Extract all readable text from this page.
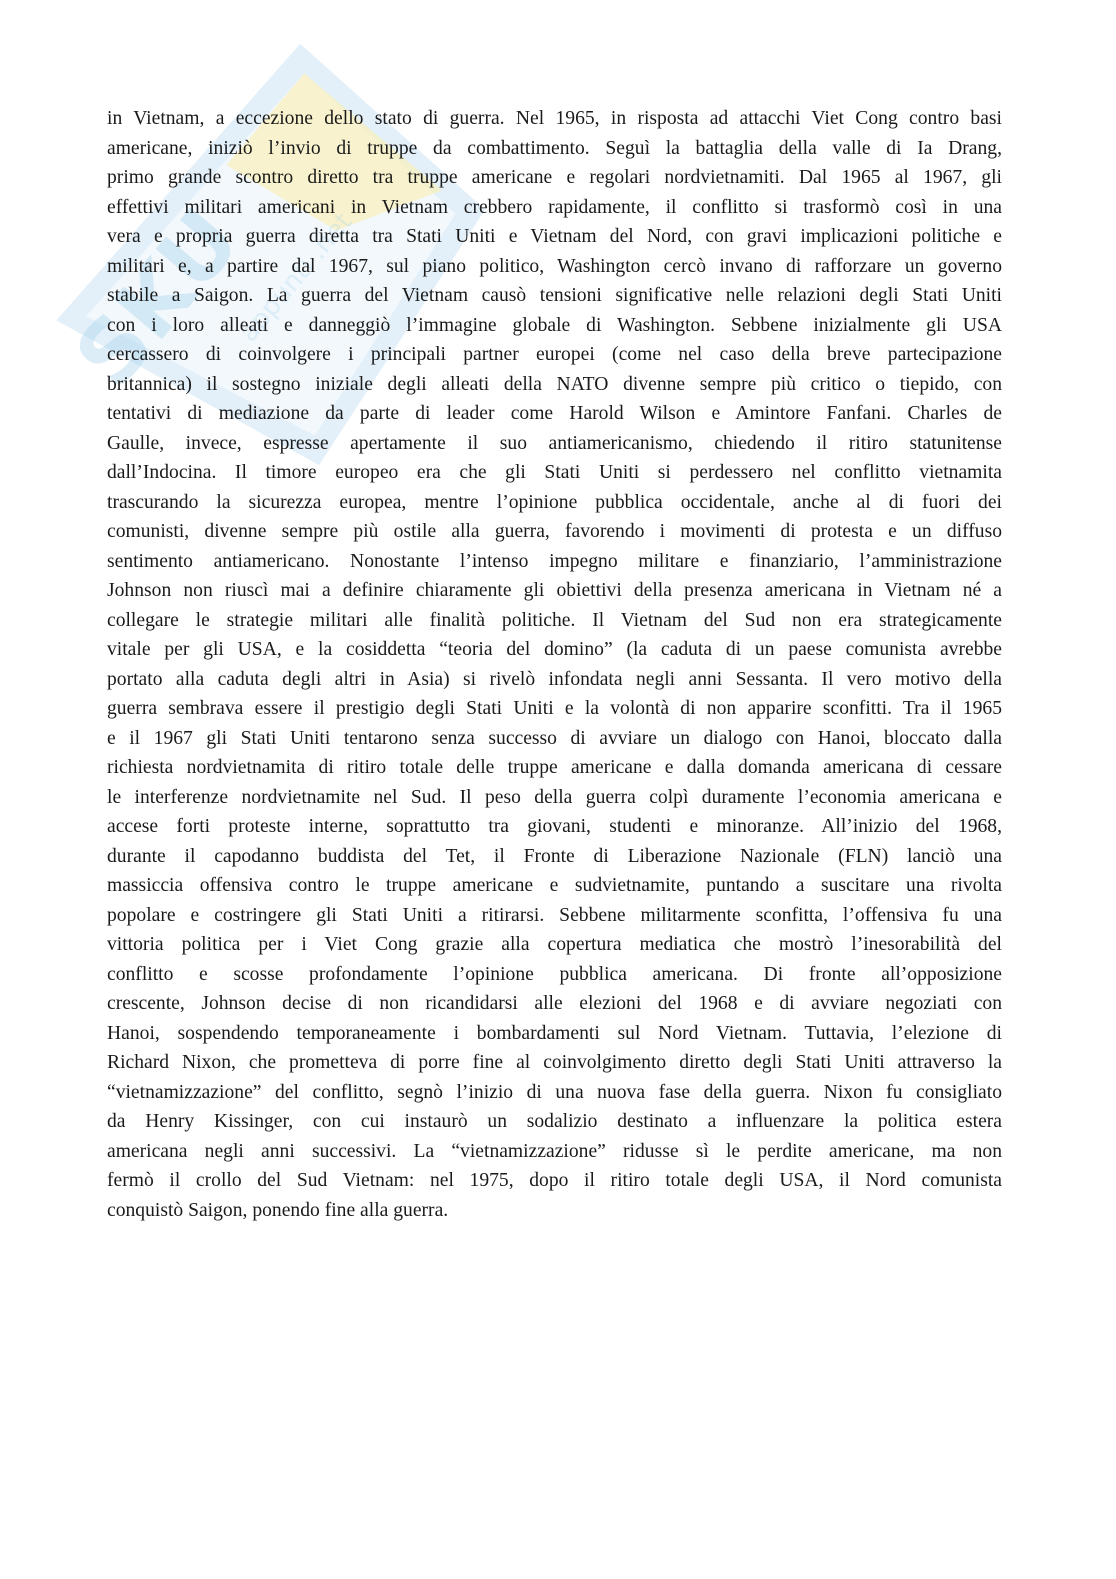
SKU
appunti .net
in Vietnam, a eccezione dello stato di guerra. Nel 1965, in risposta ad attacchi Viet Cong contro basi
americane, iniziò l’invio di truppe da combattimento. Seguì la battaglia della valle di Ia Drang,
primo grande scontro diretto tra truppe americane e regolari nordvietnamiti. Dal 1965 al 1967, gli
effettivi militari americani in Vietnam crebbero rapidamente, il conflitto si trasformò così in una
vera e propria guerra diretta tra Stati Uniti e Vietnam del Nord, con gravi implicazioni politiche e
militari e, a partire dal 1967, sul piano politico, Washington cercò invano di rafforzare un governo
stabile a Saigon. La guerra del Vietnam causò tensioni significative nelle relazioni degli Stati Uniti
con i loro alleati e danneggiò l’immagine globale di Washington. Sebbene inizialmente gli USA
cercassero di coinvolgere i principali partner europei (come nel caso della breve partecipazione
britannica) il sostegno iniziale degli alleati della NATO divenne sempre più critico o tiepido, con
tentativi di mediazione da parte di leader come Harold Wilson e Amintore Fanfani. Charles de
Gaulle, invece, espresse apertamente il suo antiamericanismo, chiedendo il ritiro statunitense
dall’Indocina. Il timore europeo era che gli Stati Uniti si perdessero nel conflitto vietnamita
trascurando la sicurezza europea, mentre l’opinione pubblica occidentale, anche al di fuori dei
comunisti, divenne sempre più ostile alla guerra, favorendo i movimenti di protesta e un diffuso
sentimento antiamericano. Nonostante l’intenso impegno militare e finanziario, l’amministrazione
Johnson non riuscì mai a definire chiaramente gli obiettivi della presenza americana in Vietnam né a
collegare le strategie militari alle finalità politiche. Il Vietnam del Sud non era strategicamente
vitale per gli USA, e la cosiddetta “teoria del domino” (la caduta di un paese comunista avrebbe
portato alla caduta degli altri in Asia) si rivelò infondata negli anni Sessanta. Il vero motivo della
guerra sembrava essere il prestigio degli Stati Uniti e la volontà di non apparire sconfitti. Tra il 1965
e il 1967 gli Stati Uniti tentarono senza successo di avviare un dialogo con Hanoi, bloccato dalla
richiesta nordvietnamita di ritiro totale delle truppe americane e dalla domanda americana di cessare
le interferenze nordvietnamite nel Sud. Il peso della guerra colpì duramente l’economia americana e
accese forti proteste interne, soprattutto tra giovani, studenti e minoranze. All’inizio del 1968,
durante il capodanno buddista del Tet, il Fronte di Liberazione Nazionale (FLN) lanciò una
massiccia offensiva contro le truppe americane e sudvietnamite, puntando a suscitare una rivolta
popolare e costringere gli Stati Uniti a ritirarsi. Sebbene militarmente sconfitta, l’offensiva fu una
vittoria politica per i Viet Cong grazie alla copertura mediatica che mostrò l’inesorabilità del
conflitto e scosse profondamente l’opinione pubblica americana. Di fronte all’opposizione
crescente, Johnson decise di non ricandidarsi alle elezioni del 1968 e di avviare negoziati con
Hanoi, sospendendo temporaneamente i bombardamenti sul Nord Vietnam. Tuttavia, l’elezione di
Richard Nixon, che prometteva di porre fine al coinvolgimento diretto degli Stati Uniti attraverso la
“vietnamizzazione” del conflitto, segnò l’inizio di una nuova fase della guerra. Nixon fu consigliato
da Henry Kissinger, con cui instaurò un sodalizio destinato a influenzare la politica estera
americana negli anni successivi. La “vietnamizzazione” ridusse sì le perdite americane, ma non
fermò il crollo del Sud Vietnam: nel 1975, dopo il ritiro totale degli USA, il Nord comunista
conquistò Saigon, ponendo fine alla guerra.
